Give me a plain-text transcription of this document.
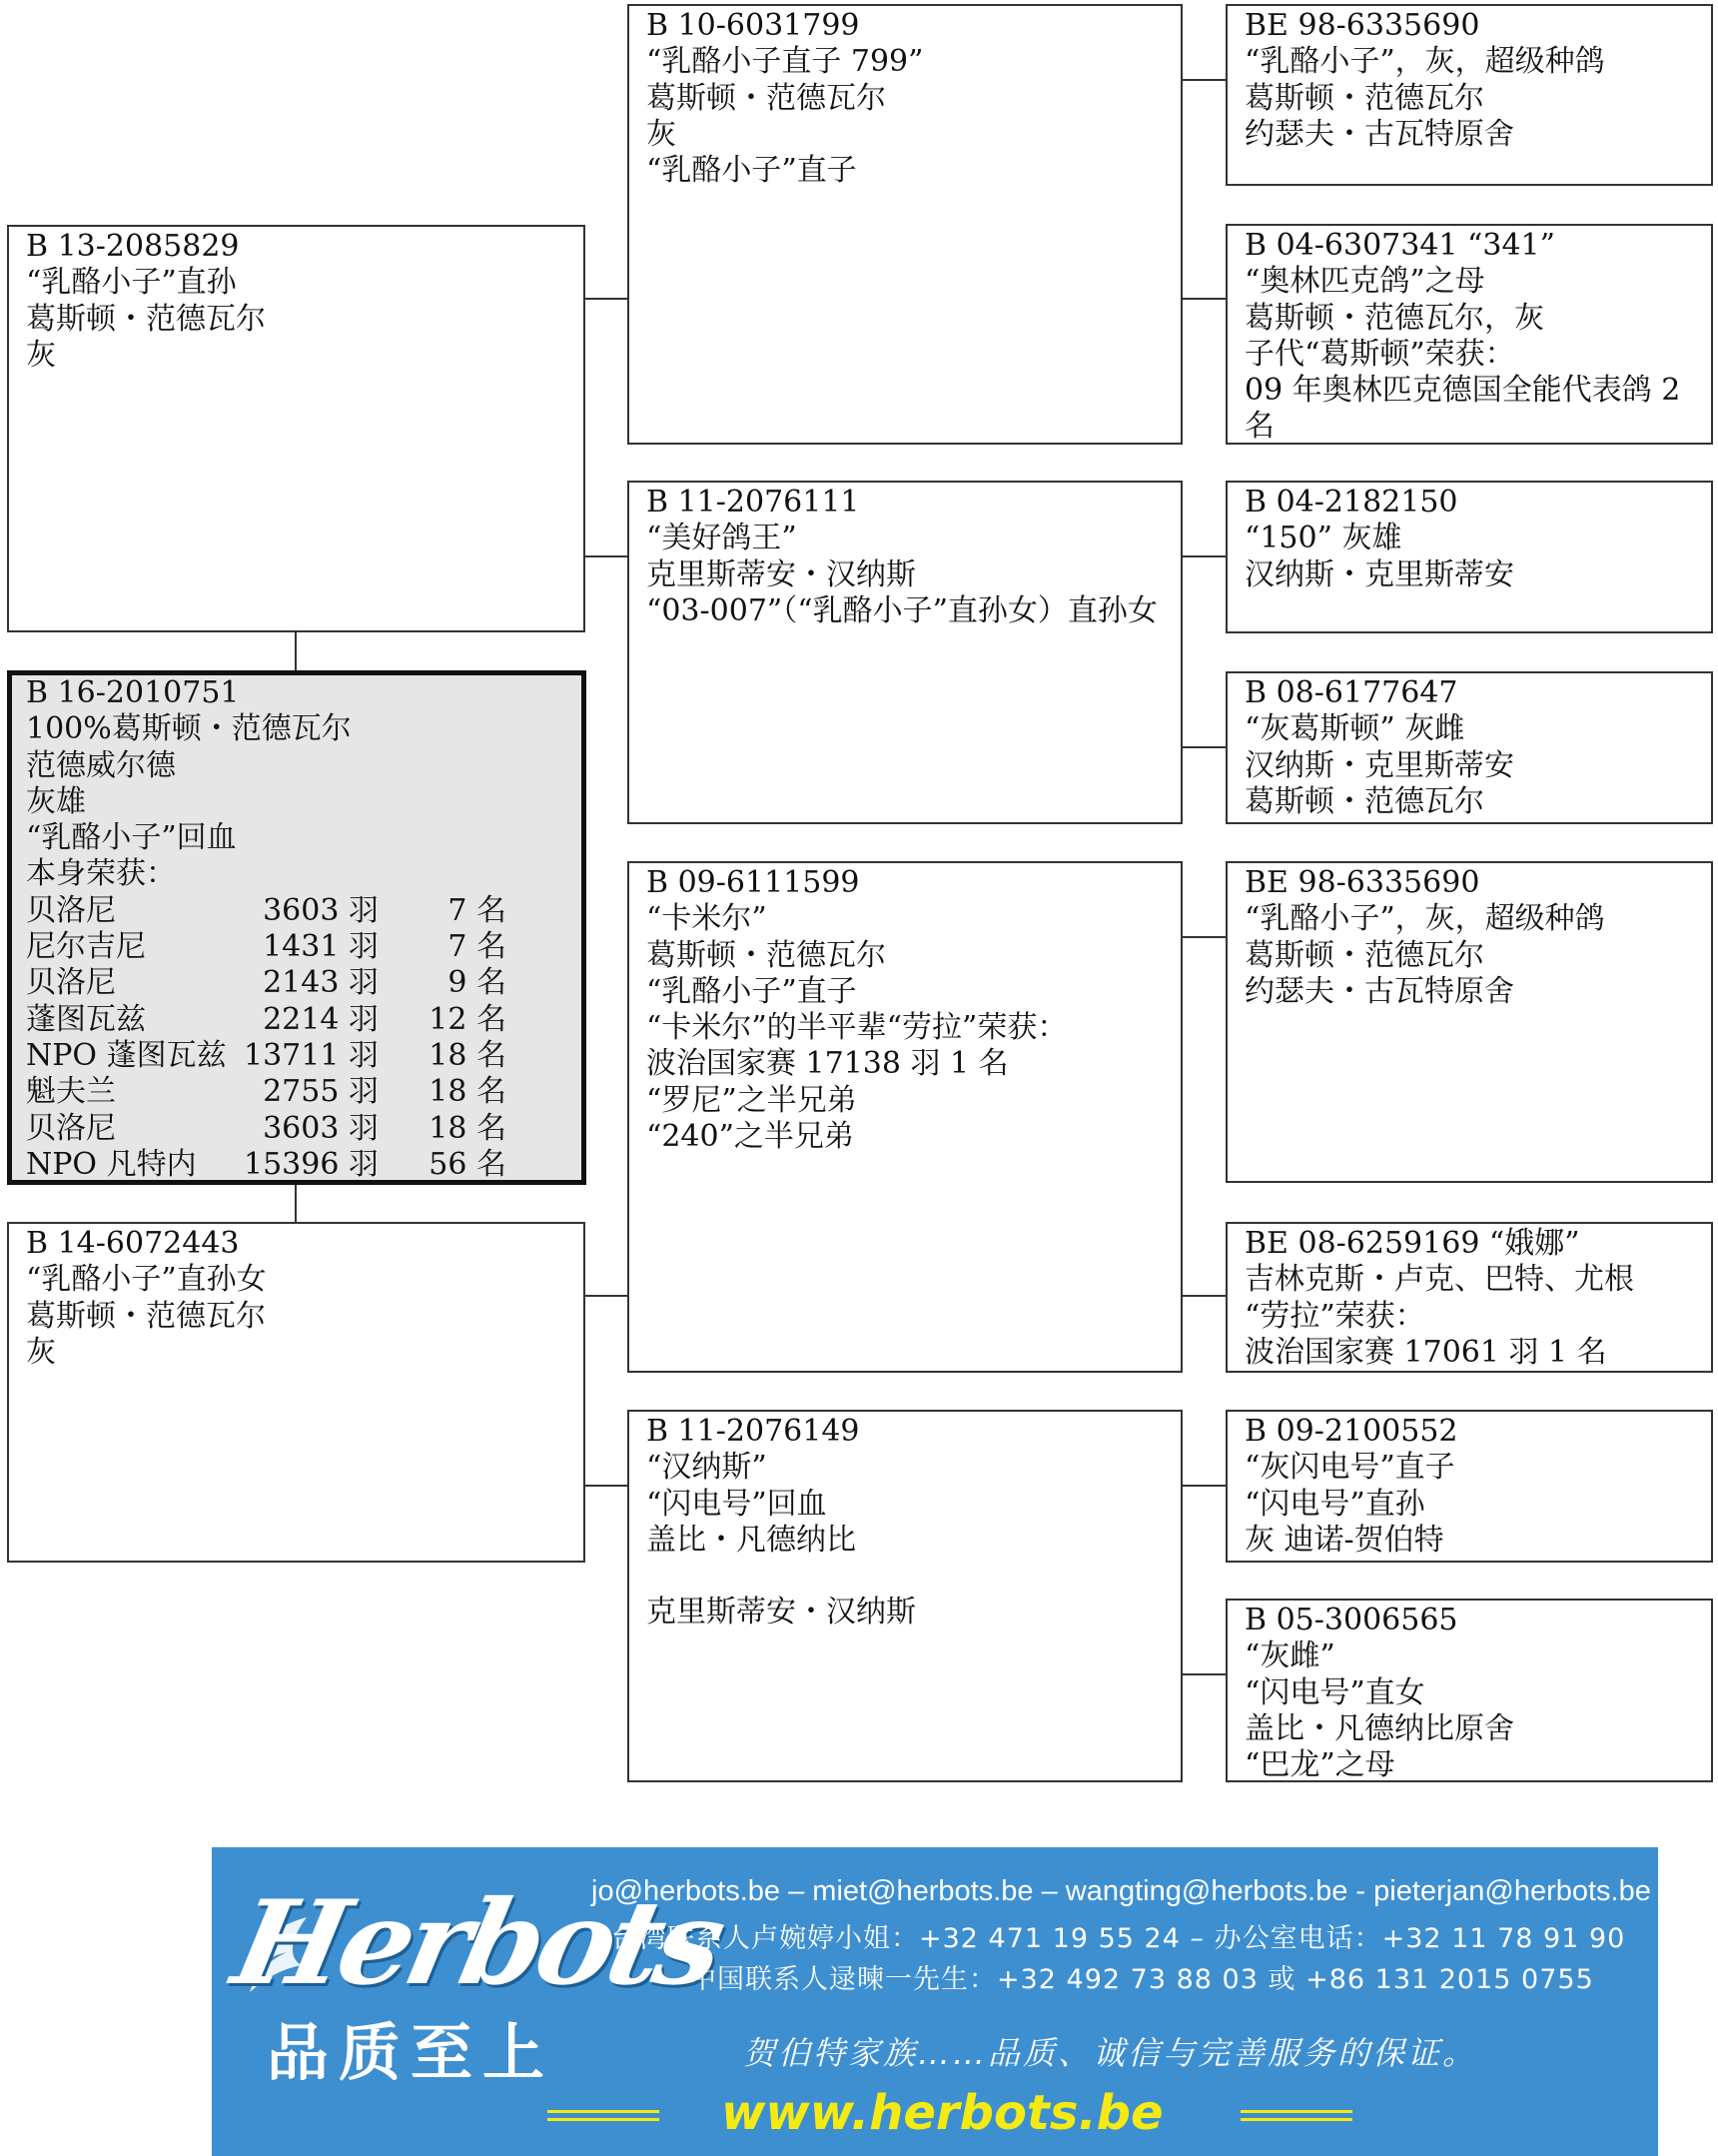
B 13-2085829
“乳酪小子”直孙
葛斯顿・范德瓦尔
灰
B 16-2010751
100%葛斯顿・范德瓦尔
范德威尔德
灰雄
“乳酪小子”回血
本身荣获：
贝洛尼	3603 羽	7 名
尼尔吉尼	1431 羽	7 名
贝洛尼	2143 羽	9 名
蓬图瓦兹	2214 羽	12 名
NPO 蓬图瓦兹	13711 羽	18 名
魁夫兰	2755 羽	18 名
贝洛尼	3603 羽	18 名
NPO 凡特内	15396 羽	56 名
B 14-6072443
“乳酪小子”直孙女
葛斯顿・范德瓦尔
灰
B 10-6031799
“乳酪小子直子 799”
葛斯顿・范德瓦尔
灰
“乳酪小子”直子
B 11-2076111
“美好鸽王”
克里斯蒂安・汉纳斯
“03-007”（“乳酪小子”直孙女）直孙女
B 09-6111599
“卡米尔”
葛斯顿・范德瓦尔
“乳酪小子”直子
“卡米尔”的半平辈“劳拉”荣获：
波治国家赛 17138 羽 1 名
“罗尼”之半兄弟
“240”之半兄弟
B 11-2076149
“汉纳斯”
“闪电号”回血
盖比・凡德纳比
克里斯蒂安・汉纳斯
BE 98-6335690
“乳酪小子”，灰，超级种鸽
葛斯顿・范德瓦尔
约瑟夫・古瓦特原舍
B 04-6307341 “341”
“奥林匹克鸽”之母
葛斯顿・范德瓦尔，灰
子代“葛斯顿”荣获：
09 年奥林匹克德国全能代表鸽 2 名
B 04-2182150
“150” 灰雄
汉纳斯・克里斯蒂安
B 08-6177647
“灰葛斯顿” 灰雌
汉纳斯・克里斯蒂安
葛斯顿・范德瓦尔
BE 98-6335690
“乳酪小子”，灰，超级种鸽
葛斯顿・范德瓦尔
约瑟夫・古瓦特原舍
BE 08-6259169 “娥娜”
吉林克斯・卢克、巴特、尤根
“劳拉”荣获：
波治国家赛 17061 羽 1 名
B 09-2100552
“灰闪电号”直子
“闪电号”直孙
灰 迪诺-贺伯特
B 05-3006565
“灰雌”
“闪电号”直女
盖比・凡德纳比原舍
“巴龙”之母
Herbots
品质至上
jo@herbots.be – miet@herbots.be – wangting@herbots.be - pieterjan@herbots.be
台湾联系人卢婉婷小姐：+32 471 19 55 24 – 办公室电话：+32 11 78 91 90
中国联系人逯暕一先生：+32 492 73 88 03 或 +86 131 2015 0755
贺伯特家族……品质、诚信与完善服务的保证。
www.herbots.be
